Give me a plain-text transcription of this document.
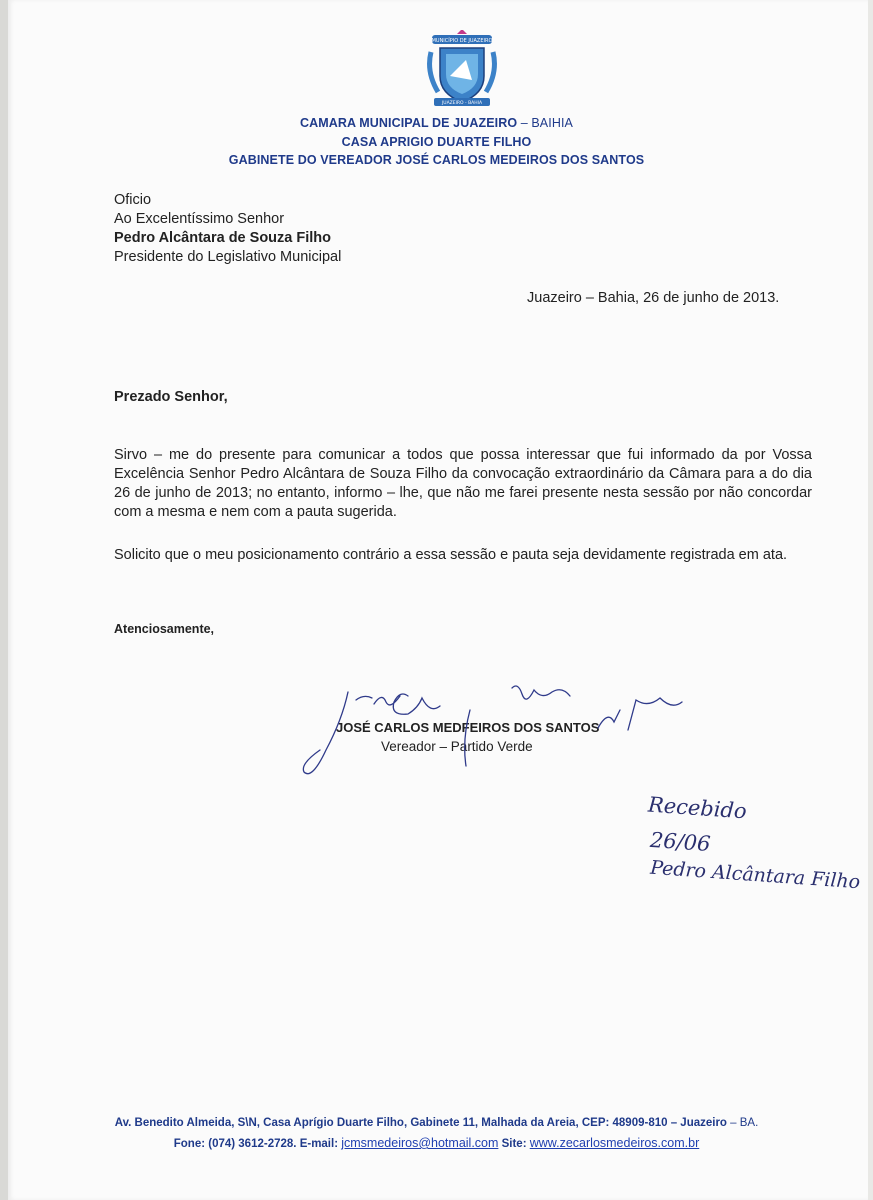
MUNICÍPIO DE JUAZEIRO
JUAZEIRO - BAHIA
CAMARA MUNICIPAL DE JUAZEIRO – BAIHIA
CASA APRIGIO DUARTE FILHO
GABINETE DO VEREADOR JOSÉ CARLOS MEDEIROS DOS SANTOS
Oficio
Ao Excelentíssimo Senhor
Pedro Alcântara de Souza Filho
Presidente do Legislativo Municipal
Juazeiro – Bahia, 26 de junho de 2013.
Prezado Senhor,
Sirvo – me do presente para comunicar a todos que possa interessar que fui informado da por Vossa Excelência Senhor Pedro Alcântara de Souza Filho da convocação extraordinário da Câmara para a do dia 26 de junho de 2013; no entanto, informo – lhe, que não me farei presente nesta sessão por não concordar com a mesma e nem com a pauta sugerida.
Solicito que o meu posicionamento contrário a essa sessão e pauta seja devidamente registrada em ata.
Atenciosamente,
JOSÉ CARLOS MEDFEIROS DOS SANTOS
Vereador – Partido Verde
Recebido
26/06
Pedro Alcântara Filho
Av. Benedito Almeida, S\N, Casa Aprígio Duarte Filho, Gabinete 11, Malhada da Areia, CEP: 48909-810 – Juazeiro – BA.
Fone: (074) 3612-2728. E-mail: jcmsmedeiros@hotmail.com Site: www.zecarlosmedeiros.com.br
